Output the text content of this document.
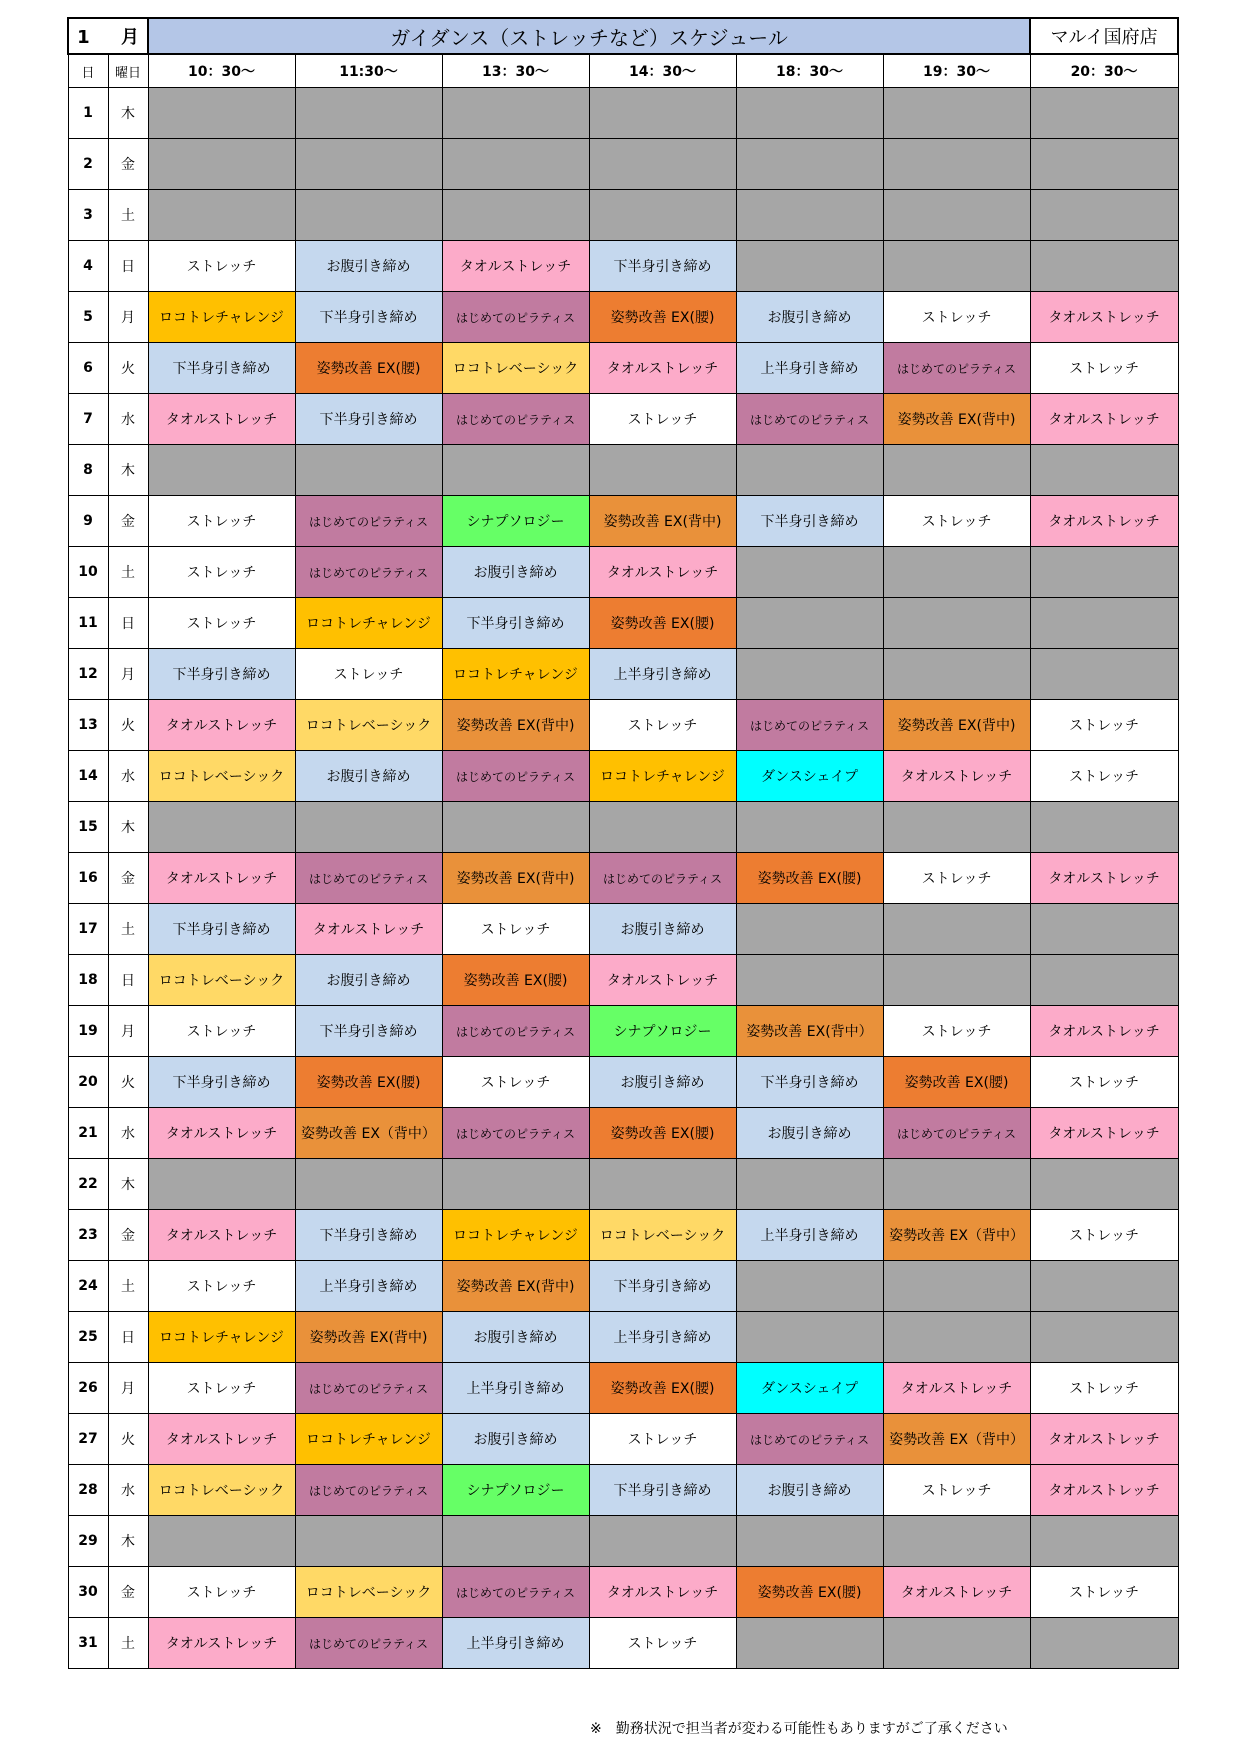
1 月		ガイダンス（ストレッチなど）スケジュール						マルイ国府店
日	曜日	10：30～	11:30～	13：30～	14：30～	18：30～	19：30～	20：30～
1	木							
2	金							
3	土							
4	日	ストレッチ	お腹引き締め	タオルストレッチ	下半身引き締め			
5	月	ロコトレチャレンジ	下半身引き締め	はじめてのピラティス	姿勢改善 EX(腰)	お腹引き締め	ストレッチ	タオルストレッチ
6	火	下半身引き締め	姿勢改善 EX(腰)	ロコトレベーシック	タオルストレッチ	上半身引き締め	はじめてのピラティス	ストレッチ
7	水	タオルストレッチ	下半身引き締め	はじめてのピラティス	ストレッチ	はじめてのピラティス	姿勢改善 EX(背中)	タオルストレッチ
8	木							
9	金	ストレッチ	はじめてのピラティス	シナプソロジー	姿勢改善 EX(背中)	下半身引き締め	ストレッチ	タオルストレッチ
10	土	ストレッチ	はじめてのピラティス	お腹引き締め	タオルストレッチ			
11	日	ストレッチ	ロコトレチャレンジ	下半身引き締め	姿勢改善 EX(腰)			
12	月	下半身引き締め	ストレッチ	ロコトレチャレンジ	上半身引き締め			
13	火	タオルストレッチ	ロコトレベーシック	姿勢改善 EX(背中)	ストレッチ	はじめてのピラティス	姿勢改善 EX(背中)	ストレッチ
14	水	ロコトレベーシック	お腹引き締め	はじめてのピラティス	ロコトレチャレンジ	ダンスシェイプ	タオルストレッチ	ストレッチ
15	木							
16	金	タオルストレッチ	はじめてのピラティス	姿勢改善 EX(背中)	はじめてのピラティス	姿勢改善 EX(腰)	ストレッチ	タオルストレッチ
17	土	下半身引き締め	タオルストレッチ	ストレッチ	お腹引き締め			
18	日	ロコトレベーシック	お腹引き締め	姿勢改善 EX(腰)	タオルストレッチ			
19	月	ストレッチ	下半身引き締め	はじめてのピラティス	シナプソロジー	姿勢改善 EX(背中）	ストレッチ	タオルストレッチ
20	火	下半身引き締め	姿勢改善 EX(腰)	ストレッチ	お腹引き締め	下半身引き締め	姿勢改善 EX(腰)	ストレッチ
21	水	タオルストレッチ	姿勢改善 EX（背中）	はじめてのピラティス	姿勢改善 EX(腰)	お腹引き締め	はじめてのピラティス	タオルストレッチ
22	木							
23	金	タオルストレッチ	下半身引き締め	ロコトレチャレンジ	ロコトレベーシック	上半身引き締め	姿勢改善 EX（背中）	ストレッチ
24	土	ストレッチ	上半身引き締め	姿勢改善 EX(背中)	下半身引き締め			
25	日	ロコトレチャレンジ	姿勢改善 EX(背中)	お腹引き締め	上半身引き締め			
26	月	ストレッチ	はじめてのピラティス	上半身引き締め	姿勢改善 EX(腰)	ダンスシェイプ	タオルストレッチ	ストレッチ
27	火	タオルストレッチ	ロコトレチャレンジ	お腹引き締め	ストレッチ	はじめてのピラティス	姿勢改善 EX（背中）	タオルストレッチ
28	水	ロコトレベーシック	はじめてのピラティス	シナプソロジー	下半身引き締め	お腹引き締め	ストレッチ	タオルストレッチ
29	木							
30	金	ストレッチ	ロコトレベーシック	はじめてのピラティス	タオルストレッチ	姿勢改善 EX(腰)	タオルストレッチ	ストレッチ
31	土	タオルストレッチ	はじめてのピラティス	上半身引き締め	ストレッチ			
※　勤務状況で担当者が変わる可能性もありますがご了承ください
